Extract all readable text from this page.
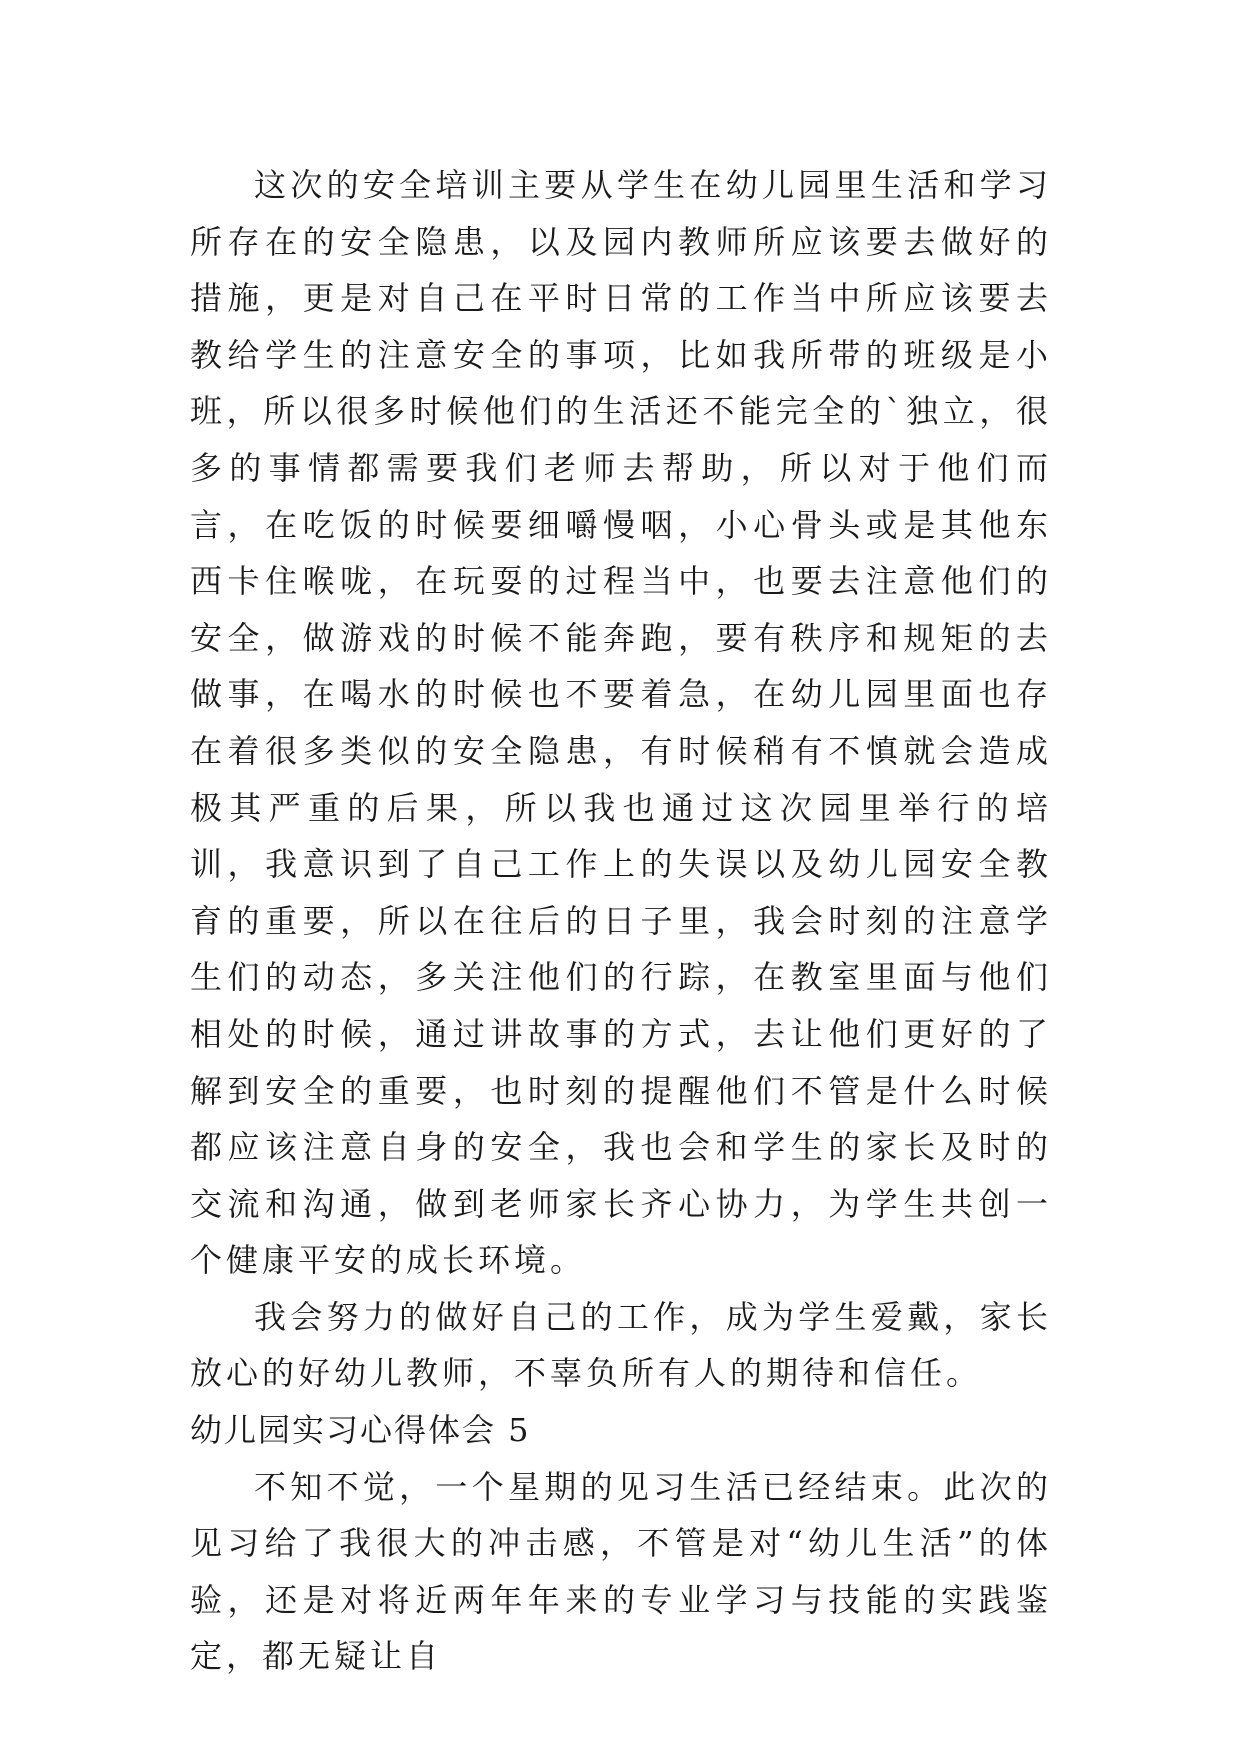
这次的安全培训主要从学生在幼儿园里生活和学习所存在的安全隐患，以及园内教师所应该要去做好的措施，更是对自己在平时日常的工作当中所应该要去教给学生的注意安全的事项，比如我所带的班级是小班，所以很多时候他们的生活还不能完全的`独立，很多的事情都需要我们老师去帮助，所以对于他们而言，在吃饭的时候要细嚼慢咽，小心骨头或是其他东西卡住喉咙，在玩耍的过程当中，也要去注意他们的安全，做游戏的时候不能奔跑，要有秩序和规矩的去做事，在喝水的时候也不要着急，在幼儿园里面也存在着很多类似的安全隐患，有时候稍有不慎就会造成极其严重的后果，所以我也通过这次园里举行的培训，我意识到了自己工作上的失误以及幼儿园安全教育的重要，所以在往后的日子里，我会时刻的注意学生们的动态，多关注他们的行踪，在教室里面与他们相处的时候，通过讲故事的方式，去让他们更好的了解到安全的重要，也时刻的提醒他们不管是什么时候都应该注意自身的安全，我也会和学生的家长及时的交流和沟通，做到老师家长齐心协力，为学生共创一个健康平安的成长环境。

我会努力的做好自己的工作，成为学生爱戴，家长放心的好幼儿教师，不辜负所有人的期待和信任。

幼儿园实习心得体会 5

不知不觉，一个星期的见习生活已经结束。此次的见习给了我很大的冲击感，不管是对“幼儿生活”的体验，还是对将近两年年来的专业学习与技能的实践鉴定，都无疑让自
